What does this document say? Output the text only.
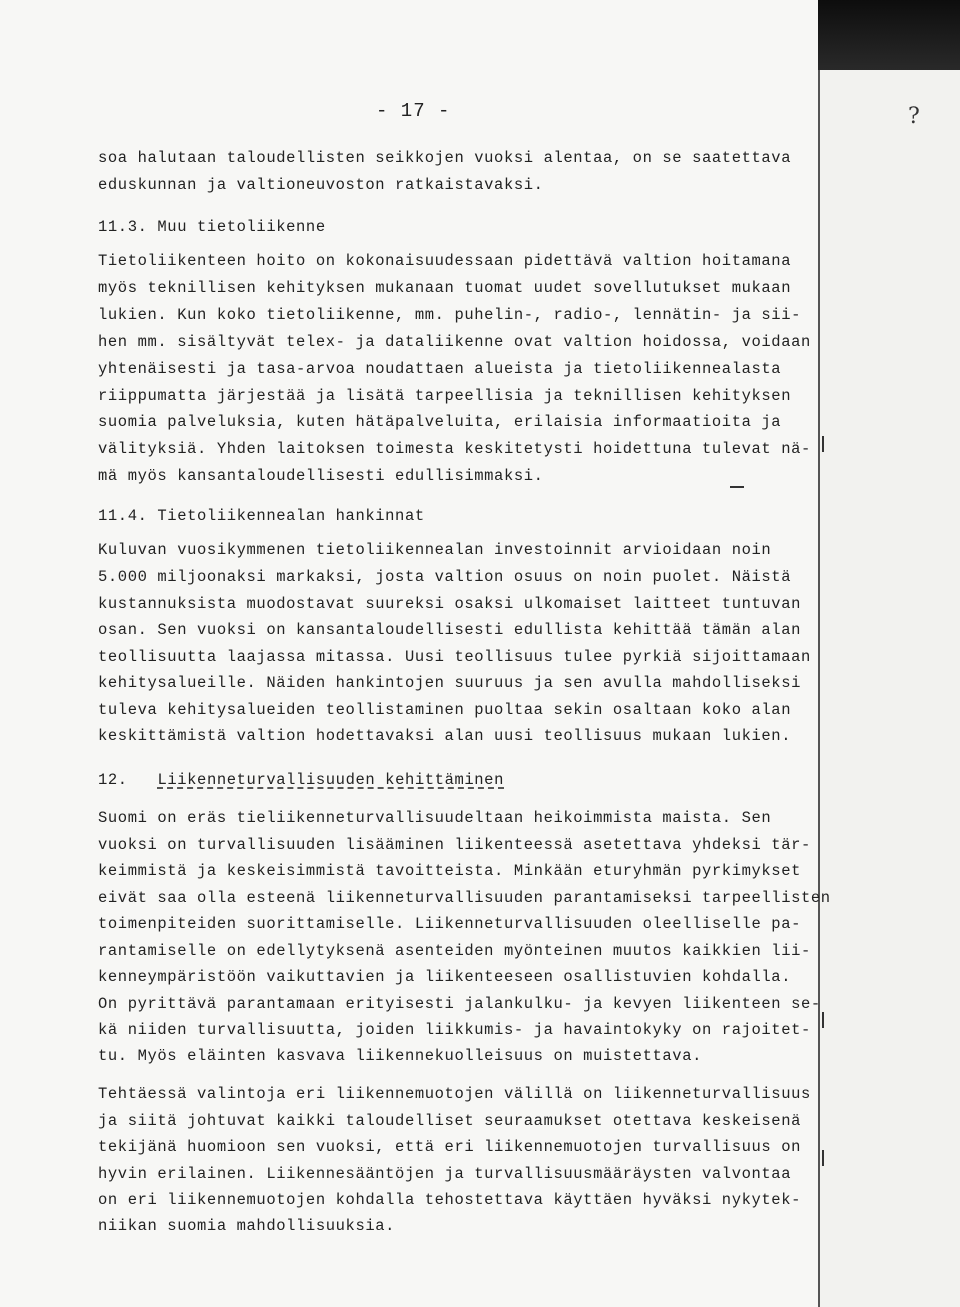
- 17 -	?
soa halutaan taloudellisten seikkojen vuoksi alentaa, on se saatettava
eduskunnan ja valtioneuvoston ratkaistavaksi.
11.3. Muu tietoliikenne
Tietoliikenteen hoito on kokonaisuudessaan pidettävä valtion hoitamana
myös teknillisen kehityksen mukanaan tuomat uudet sovellutukset mukaan
lukien. Kun koko tietoliikenne, mm. puhelin-, radio-, lennätin- ja sii-
hen mm. sisältyvät telex- ja dataliikenne ovat valtion hoidossa, voidaan
yhtenäisesti ja tasa-arvoa noudattaen alueista ja tietoliikennealasta
riippumatta järjestää ja lisätä tarpeellisia ja teknillisen kehityksen
suomia palveluksia, kuten hätäpalveluita, erilaisia informaatioita ja
välityksiä. Yhden laitoksen toimesta keskitetysti hoidettuna tulevat nä-
mä myös kansantaloudellisesti edullisimmaksi.
11.4. Tietoliikennealan hankinnat
Kuluvan vuosikymmenen tietoliikennealan investoinnit arvioidaan noin
5.000 miljoonaksi markaksi, josta valtion osuus on noin puolet. Näistä
kustannuksista muodostavat suureksi osaksi ulkomaiset laitteet tuntuvan
osan. Sen vuoksi on kansantaloudellisesti edullista kehittää tämän alan
teollisuutta laajassa mitassa. Uusi teollisuus tulee pyrkiä sijoittamaan
kehitysalueille. Näiden hankintojen suuruus ja sen avulla mahdolliseksi
tuleva kehitysalueiden teollistaminen puoltaa sekin osaltaan koko alan
keskittämistä valtion hodettavaksi alan uusi teollisuus mukaan lukien.
12. Liikenneturvallisuuden kehittäminen
Suomi on eräs tieliikenneturvallisuudeltaan heikoimmista maista. Sen
vuoksi on turvallisuuden lisääminen liikenteessä asetettava yhdeksi tär-
keimmistä ja keskeisimmistä tavoitteista. Minkään eturyhmän pyrkimykset
eivät saa olla esteenä liikenneturvallisuuden parantamiseksi tarpeellisten
toimenpiteiden suorittamiselle. Liikenneturvallisuuden oleelliselle pa-
rantamiselle on edellytyksenä asenteiden myönteinen muutos kaikkien lii-
kenneympäristöön vaikuttavien ja liikenteeseen osallistuvien kohdalla.
On pyrittävä parantamaan erityisesti jalankulku- ja kevyen liikenteen se-
kä niiden turvallisuutta, joiden liikkumis- ja havaintokyky on rajoitet-
tu. Myös eläinten kasvava liikennekuolleisuus on muistettava.
Tehtäessä valintoja eri liikennemuotojen välillä on liikenneturvallisuus
ja siitä johtuvat kaikki taloudelliset seuraamukset otettava keskeisenä
tekijänä huomioon sen vuoksi, että eri liikennemuotojen turvallisuus on
hyvin erilainen. Liikennesääntöjen ja turvallisuusmääräysten valvontaa
on eri liikennemuotojen kohdalla tehostettava käyttäen hyväksi nykytek-
niikan suomia mahdollisuuksia.
